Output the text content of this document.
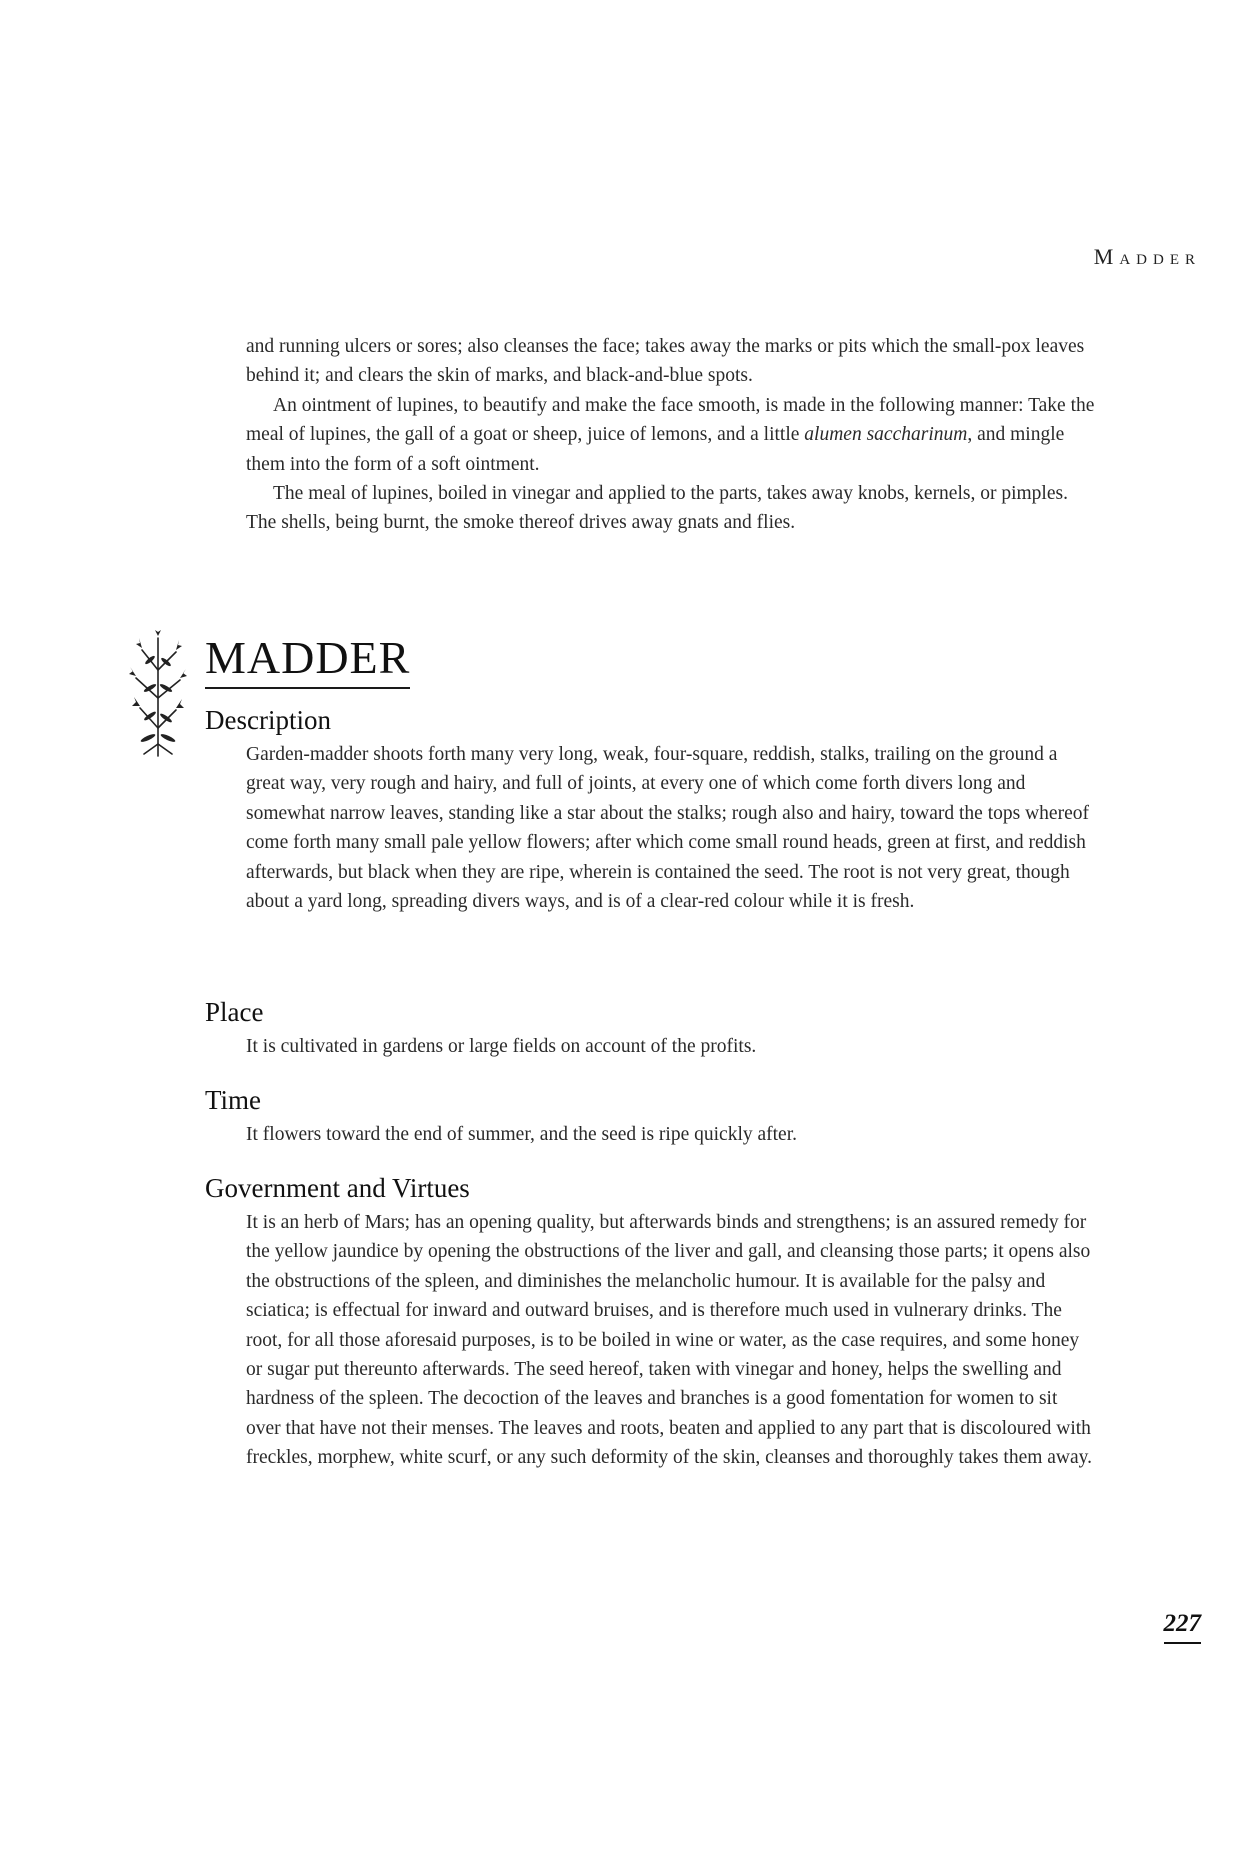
Madder

and running ulcers or sores; also cleanses the face; takes away the marks or pits which the small-pox leaves behind it; and clears the skin of marks, and black-and-blue spots.

An ointment of lupines, to beautify and make the face smooth, is made in the following manner: Take the meal of lupines, the gall of a goat or sheep, juice of lemons, and a little alumen saccharinum, and mingle them into the form of a soft ointment.

The meal of lupines, boiled in vinegar and applied to the parts, takes away knobs, kernels, or pimples. The shells, being burnt, the smoke thereof drives away gnats and flies.

MADDER
Description

Garden-madder shoots forth many very long, weak, four-square, reddish, stalks, trailing on the ground a great way, very rough and hairy, and full of joints, at every one of which come forth divers long and somewhat narrow leaves, standing like a star about the stalks; rough also and hairy, toward the tops whereof come forth many small pale yellow flowers; after which come small round heads, green at first, and reddish afterwards, but black when they are ripe, wherein is contained the seed. The root is not very great, though about a yard long, spreading divers ways, and is of a clear-red colour while it is fresh.

Place

It is cultivated in gardens or large fields on account of the profits.

Time

It flowers toward the end of summer, and the seed is ripe quickly after.

Government and Virtues

It is an herb of Mars; has an opening quality, but afterwards binds and strengthens; is an assured remedy for the yellow jaundice by opening the obstructions of the liver and gall, and cleansing those parts; it opens also the obstructions of the spleen, and diminishes the melancholic humour. It is available for the palsy and sciatica; is effectual for inward and outward bruises, and is therefore much used in vulnerary drinks. The root, for all those aforesaid purposes, is to be boiled in wine or water, as the case requires, and some honey or sugar put thereunto afterwards. The seed hereof, taken with vinegar and honey, helps the swelling and hardness of the spleen. The decoction of the leaves and branches is a good fomentation for women to sit over that have not their menses. The leaves and roots, beaten and applied to any part that is discoloured with freckles, morphew, white scurf, or any such deformity of the skin, cleanses and thoroughly takes them away.

227
